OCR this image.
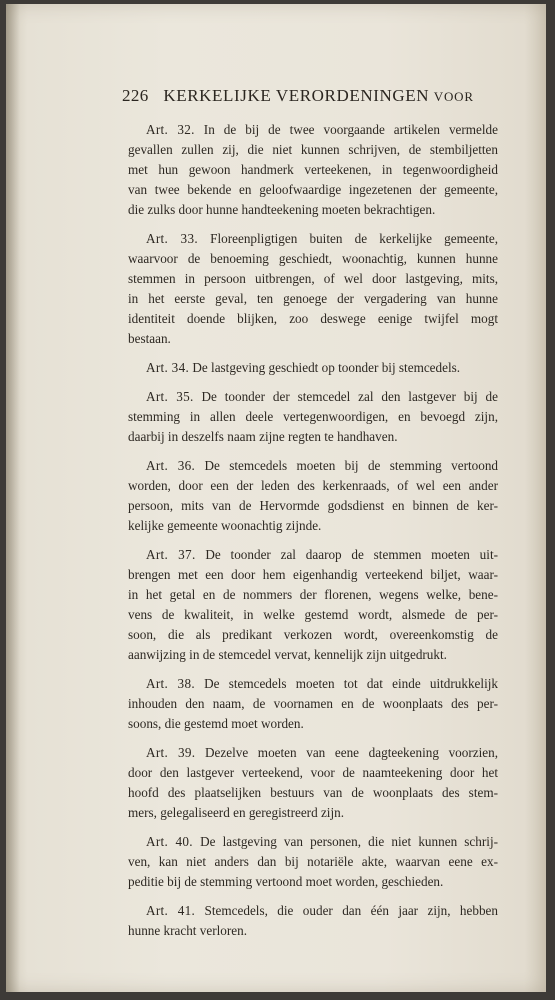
226 KERKELIJKE VERORDENINGEN VOOR
Art. 32. In de bij de twee voorgaande artikelen vermelde
gevallen zullen zij, die niet kunnen schrijven, de stembiljetten
met hun gewoon handmerk verteekenen, in tegenwoordigheid
van twee bekende en geloofwaardige ingezetenen der gemeente,
die zulks door hunne handteekening moeten bekrachtigen.
Art. 33. Floreenpligtigen buiten de kerkelijke gemeente,
waarvoor de benoeming geschiedt, woonachtig, kunnen hunne
stemmen in persoon uitbrengen, of wel door lastgeving, mits,
in het eerste geval, ten genoege der vergadering van hunne
identiteit doende blijken, zoo deswege eenige twijfel mogt
bestaan.
Art. 34. De lastgeving geschiedt op toonder bij stemcedels.
Art. 35. De toonder der stemcedel zal den lastgever bij de
stemming in allen deele vertegenwoordigen, en bevoegd zijn,
daarbij in deszelfs naam zijne regten te handhaven.
Art. 36. De stemcedels moeten bij de stemming vertoond
worden, door een der leden des kerkenraads, of wel een ander
persoon, mits van de Hervormde godsdienst en binnen de ker-
kelijke gemeente woonachtig zijnde.
Art. 37. De toonder zal daarop de stemmen moeten uit-
brengen met een door hem eigenhandig verteekend biljet, waar-
in het getal en de nommers der florenen, wegens welke, bene-
vens de kwaliteit, in welke gestemd wordt, alsmede de per-
soon, die als predikant verkozen wordt, overeenkomstig de
aanwijzing in de stemcedel vervat, kennelijk zijn uitgedrukt.
Art. 38. De stemcedels moeten tot dat einde uitdrukkelijk
inhouden den naam, de voornamen en de woonplaats des per-
soons, die gestemd moet worden.
Art. 39. Dezelve moeten van eene dagteekening voorzien,
door den lastgever verteekend, voor de naamteekening door het
hoofd des plaatselijken bestuurs van de woonplaats des stem-
mers, gelegaliseerd en geregistreerd zijn.
Art. 40. De lastgeving van personen, die niet kunnen schrij-
ven, kan niet anders dan bij notariële akte, waarvan eene ex-
peditie bij de stemming vertoond moet worden, geschieden.
Art. 41. Stemcedels, die ouder dan één jaar zijn, hebben
hunne kracht verloren.
